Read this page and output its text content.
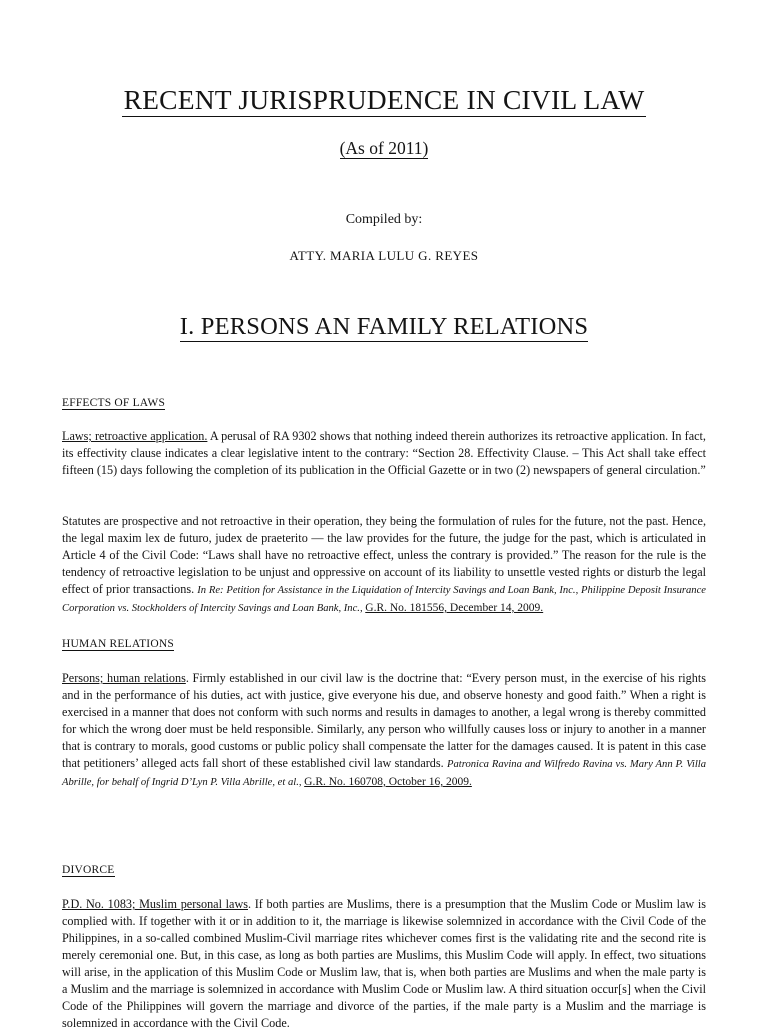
RECENT JURISPRUDENCE IN CIVIL LAW
(As of 2011)
Compiled by:
ATTY. MARIA LULU G. REYES
I. PERSONS AN FAMILY RELATIONS
EFFECTS OF LAWS
Laws; retroactive application. A perusal of RA 9302 shows that nothing indeed therein authorizes its retroactive application. In fact, its effectivity clause indicates a clear legislative intent to the contrary: “Section 28. Effectivity Clause. – This Act shall take effect fifteen (15) days following the completion of its publication in the Official Gazette or in two (2) newspapers of general circulation.”
Statutes are prospective and not retroactive in their operation, they being the formulation of rules for the future, not the past. Hence, the legal maxim lex de futuro, judex de praeterito — the law provides for the future, the judge for the past, which is articulated in Article 4 of the Civil Code: “Laws shall have no retroactive effect, unless the contrary is provided.” The reason for the rule is the tendency of retroactive legislation to be unjust and oppressive on account of its liability to unsettle vested rights or disturb the legal effect of prior transactions. In Re: Petition for Assistance in the Liquidation of Intercity Savings and Loan Bank, Inc., Philippine Deposit Insurance Corporation vs. Stockholders of Intercity Savings and Loan Bank, Inc., G.R. No. 181556, December 14, 2009.
HUMAN RELATIONS
Persons; human relations. Firmly established in our civil law is the doctrine that: “Every person must, in the exercise of his rights and in the performance of his duties, act with justice, give everyone his due, and observe honesty and good faith.” When a right is exercised in a manner that does not conform with such norms and results in damages to another, a legal wrong is thereby committed for which the wrong doer must be held responsible. Similarly, any person who willfully causes loss or injury to another in a manner that is contrary to morals, good customs or public policy shall compensate the latter for the damages caused. It is patent in this case that petitioners’ alleged acts fall short of these established civil law standards. Patronica Ravina and Wilfredo Ravina vs. Mary Ann P. Villa Abrille, for behalf of Ingrid D’Lyn P. Villa Abrille, et al., G.R. No. 160708, October 16, 2009.
DIVORCE
P.D. No. 1083; Muslim personal laws. If both parties are Muslims, there is a presumption that the Muslim Code or Muslim law is complied with. If together with it or in addition to it, the marriage is likewise solemnized in accordance with the Civil Code of the Philippines, in a so-called combined Muslim-Civil marriage rites whichever comes first is the validating rite and the second rite is merely ceremonial one. But, in this case, as long as both parties are Muslims, this Muslim Code will apply. In effect, two situations will arise, in the application of this Muslim Code or Muslim law, that is, when both parties are Muslims and when the male party is a Muslim and the marriage is solemnized in accordance with Muslim Code or Muslim law. A third situation occur[s] when the Civil Code of the Philippines will govern the marriage and divorce of the parties, if the male party is a Muslim and the marriage is solemnized in accordance with the Civil Code.
